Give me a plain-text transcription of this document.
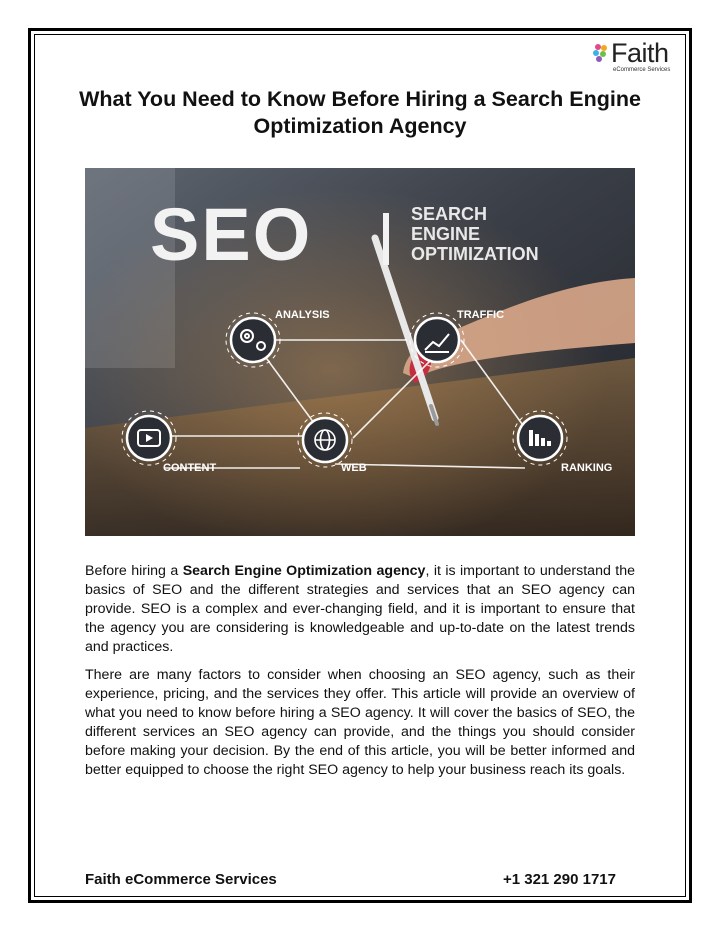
Faith
eCommerce Services
What You Need to Know Before Hiring a Search Engine Optimization Agency
SEO	SEARCH
ENGINE
OPTIMIZATION
ANALYSIS	TRAFFIC
CONTENT	WEB	RANKING

Before hiring a Search Engine Optimization agency, it is important to understand the basics of SEO and the different strategies and services that an SEO agency can provide. SEO is a complex and ever-changing field, and it is important to ensure that the agency you are considering is knowledgeable and up-to-date on the latest trends and practices.

There are many factors to consider when choosing an SEO agency, such as their experience, pricing, and the services they offer. This article will provide an overview of what you need to know before hiring a SEO agency. It will cover the basics of SEO, the different services an SEO agency can provide, and the things you should consider before making your decision. By the end of this article, you will be better informed and better equipped to choose the right SEO agency to help your business reach its goals.

Faith eCommerce Services	+1 321 290 1717
